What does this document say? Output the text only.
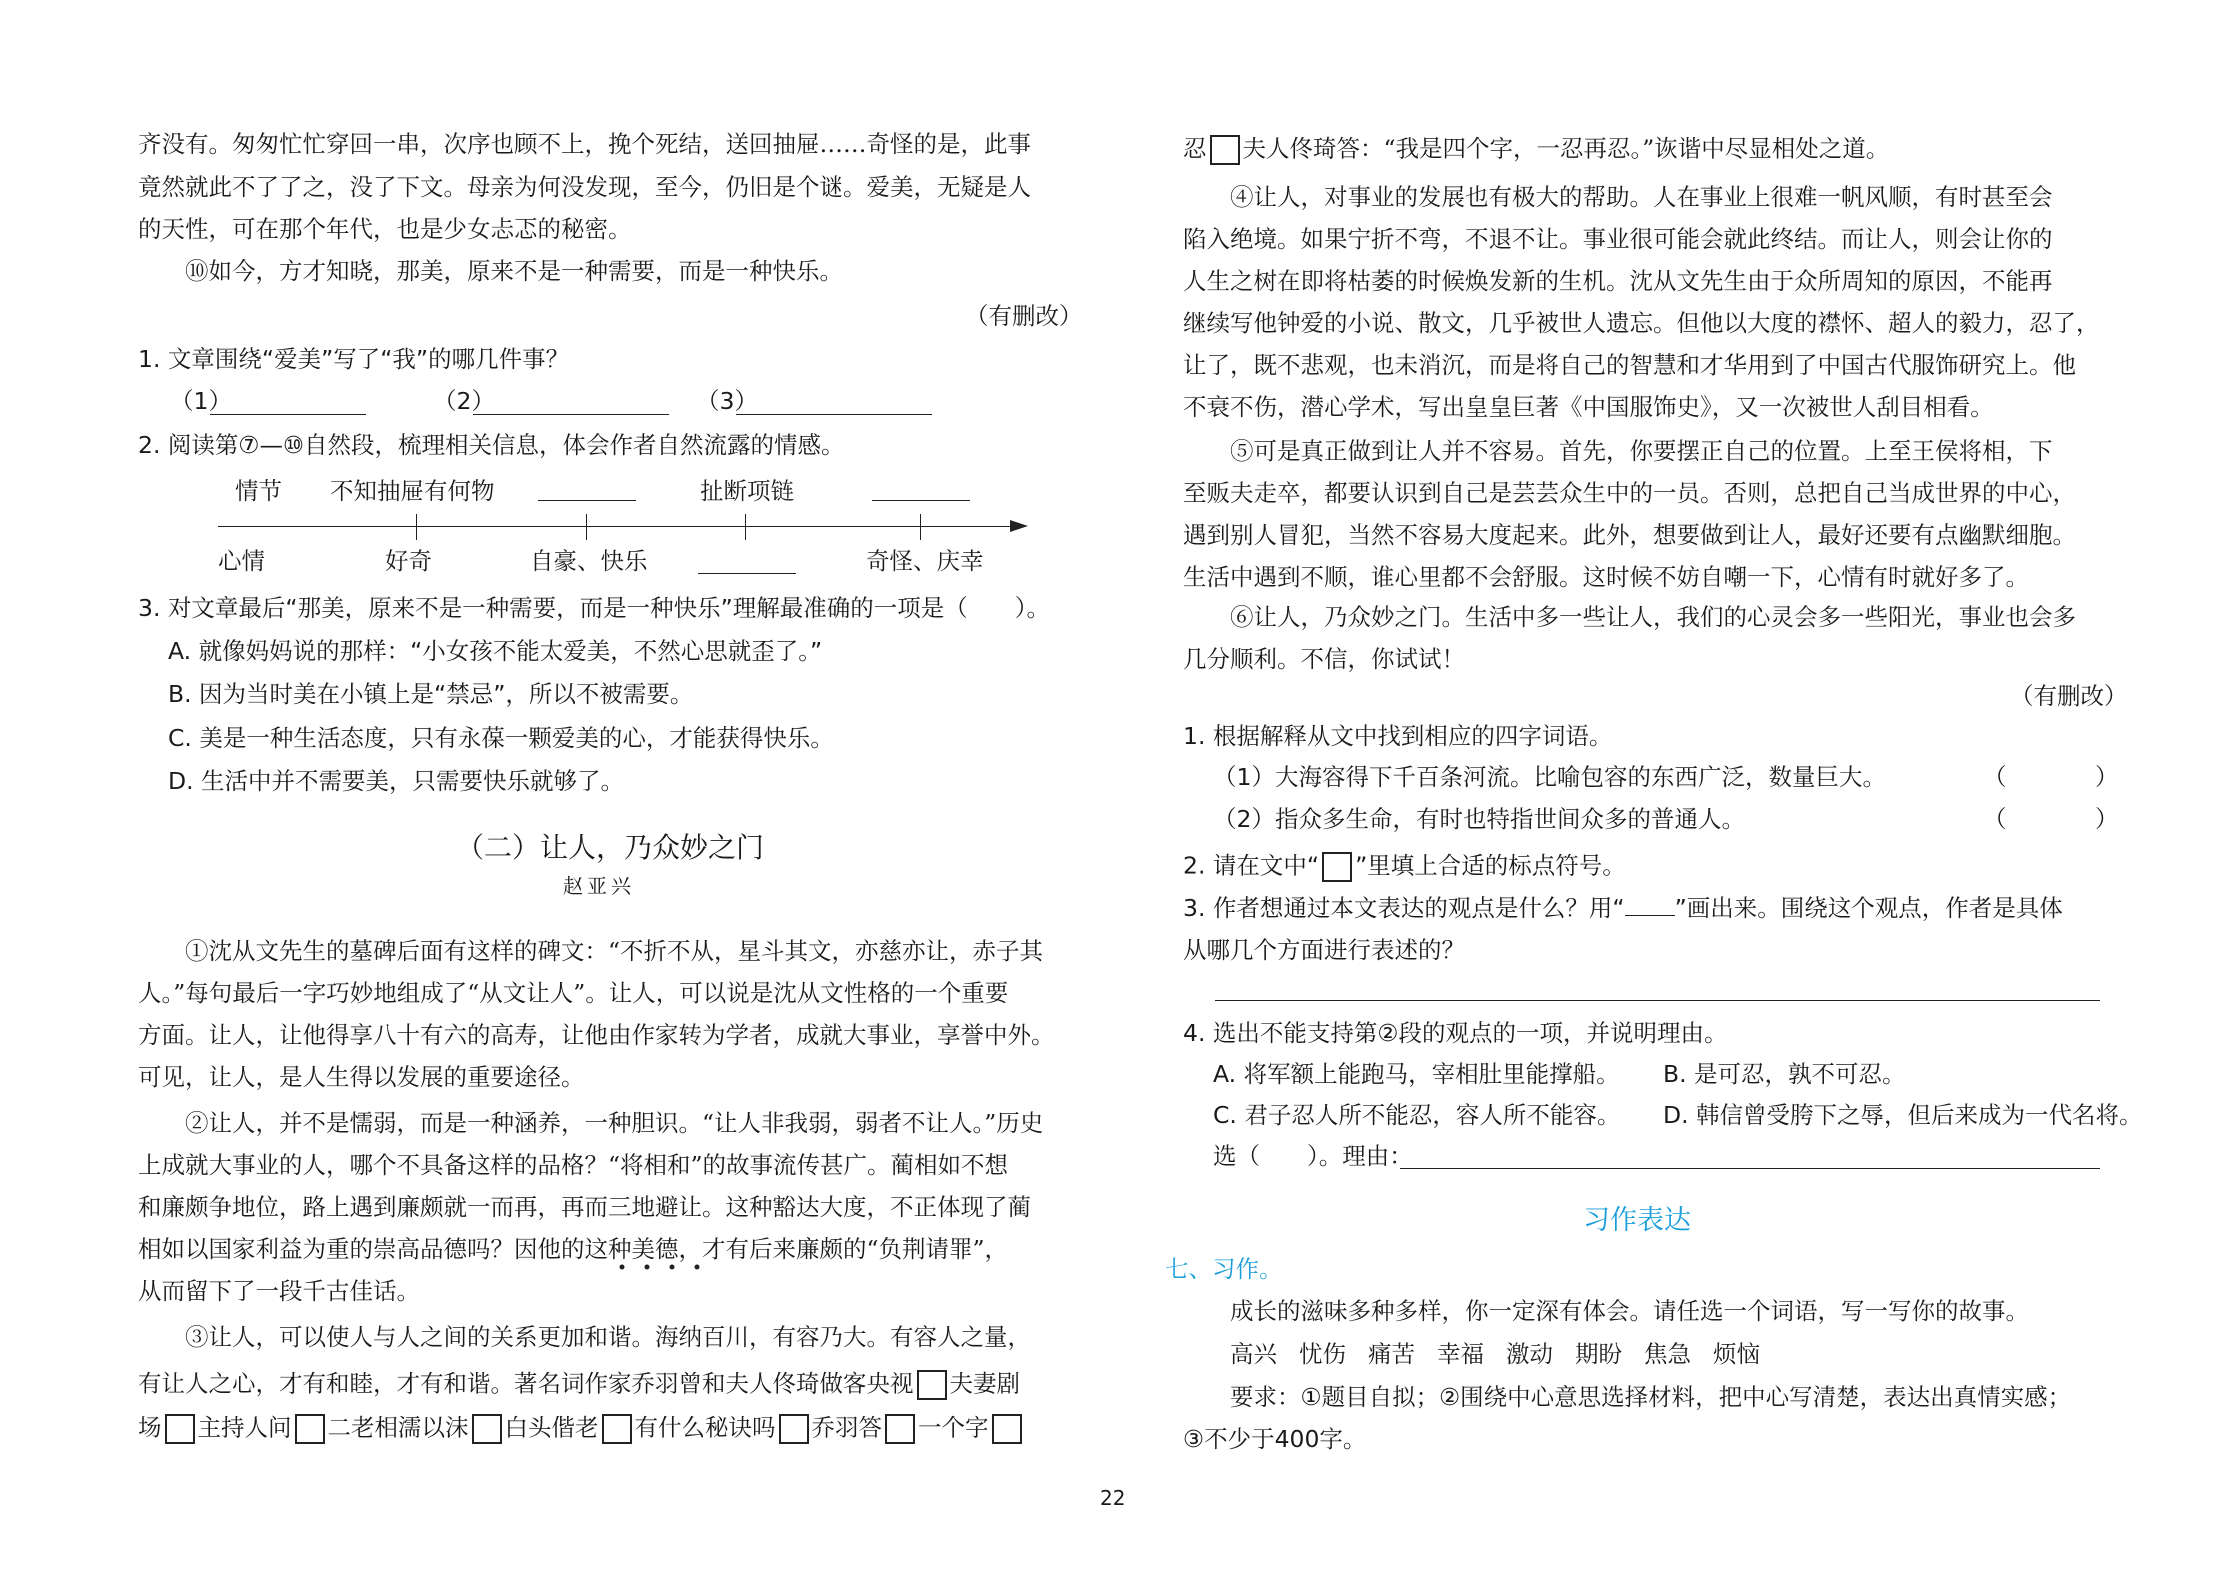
齐没有。匆匆忙忙穿回一串，次序也顾不上，挽个死结，送回抽屉……奇怪的是，此事
竟然就此不了了之，没了下文。母亲为何没发现，至今，仍旧是个谜。爱美，无疑是人
的天性，可在那个年代，也是少女忐忑的秘密。
⑩如今，方才知晓，那美，原来不是一种需要，而是一种快乐。
（有删改）
1. 文章围绕“爱美”写了“我”的哪几件事？
（1）	（2）	（3）
2. 阅读第⑦—⑩自然段，梳理相关信息，体会作者自然流露的情感。
情节 不知抽屉有何物	扯断项链
心情	好奇	自豪、快乐	奇怪、庆幸
3. 对文章最后“那美，原来不是一种需要，而是一种快乐”理解最准确的一项是（　　）。
A. 就像妈妈说的那样：“小女孩不能太爱美，不然心思就歪了。”
B. 因为当时美在小镇上是“禁忌”，所以不被需要。
C. 美是一种生活态度，只有永葆一颗爱美的心，才能获得快乐。
D. 生活中并不需要美，只需要快乐就够了。
（二）让人，乃众妙之门
赵亚兴
①沈从文先生的墓碑后面有这样的碑文：“不折不从，星斗其文，亦慈亦让，赤子其
人。”每句最后一字巧妙地组成了“从文让人”。让人，可以说是沈从文性格的一个重要
方面。让人，让他得享八十有六的高寿，让他由作家转为学者，成就大事业，享誉中外。
可见，让人，是人生得以发展的重要途径。
②让人，并不是懦弱，而是一种涵养，一种胆识。“让人非我弱，弱者不让人。”历史
上成就大事业的人，哪个不具备这样的品格？“将相和”的故事流传甚广。蔺相如不想
和廉颇争地位，路上遇到廉颇就一而再，再而三地避让。这种豁达大度，不正体现了蔺
相如以国家利益为重的崇高品德吗？因他的这种美德，才有后来廉颇的“负荆请罪”，
从而留下了一段千古佳话。
③让人，可以使人与人之间的关系更加和谐。海纳百川，有容乃大。有容人之量，
有让人之心，才有和睦，才有和谐。著名词作家乔羽曾和夫人佟琦做客央视 夫妻剧
场 主持人问 二老相濡以沫 白头偕老 有什么秘诀吗 乔羽答 一个字
忍 夫人佟琦答：“我是四个字，一忍再忍。”诙谐中尽显相处之道。
④让人，对事业的发展也有极大的帮助。人在事业上很难一帆风顺，有时甚至会
陷入绝境。如果宁折不弯，不退不让。事业很可能会就此终结。而让人，则会让你的
人生之树在即将枯萎的时候焕发新的生机。沈从文先生由于众所周知的原因，不能再
继续写他钟爱的小说、散文，几乎被世人遗忘。但他以大度的襟怀、超人的毅力，忍了，
让了，既不悲观，也未消沉，而是将自己的智慧和才华用到了中国古代服饰研究上。他
不衰不伤，潜心学术，写出皇皇巨著《中国服饰史》，又一次被世人刮目相看。
⑤可是真正做到让人并不容易。首先，你要摆正自己的位置。上至王侯将相，下
至贩夫走卒，都要认识到自己是芸芸众生中的一员。否则，总把自己当成世界的中心，
遇到别人冒犯，当然不容易大度起来。此外，想要做到让人，最好还要有点幽默细胞。
生活中遇到不顺，谁心里都不会舒服。这时候不妨自嘲一下，心情有时就好多了。
⑥让人，乃众妙之门。生活中多一些让人，我们的心灵会多一些阳光，事业也会多
几分顺利。不信，你试试！
（有删改）
1. 根据解释从文中找到相应的四字词语。
（1）大海容得下千百条河流。比喻包容的东西广泛，数量巨大。	（	）
（2）指众多生命，有时也特指世间众多的普通人。	（	）
2. 请在文中“ ”里填上合适的标点符号。
3. 作者想通过本文表达的观点是什么？用“ ”画出来。围绕这个观点，作者是具体
从哪几个方面进行表述的？
4. 选出不能支持第②段的观点的一项，并说明理由。
A. 将军额上能跑马，宰相肚里能撑船。 B. 是可忍，孰不可忍。
C. 君子忍人所不能忍，容人所不能容。 D. 韩信曾受胯下之辱，但后来成为一代名将。
选（　　）。理由：
习作表达
七、习作。
成长的滋味多种多样，你一定深有体会。请任选一个词语，写一写你的故事。
高兴 忧伤 痛苦 幸福 激动 期盼 焦急 烦恼
要求：①题目自拟；②围绕中心意思选择材料，把中心写清楚，表达出真情实感；
③不少于400字。
22
